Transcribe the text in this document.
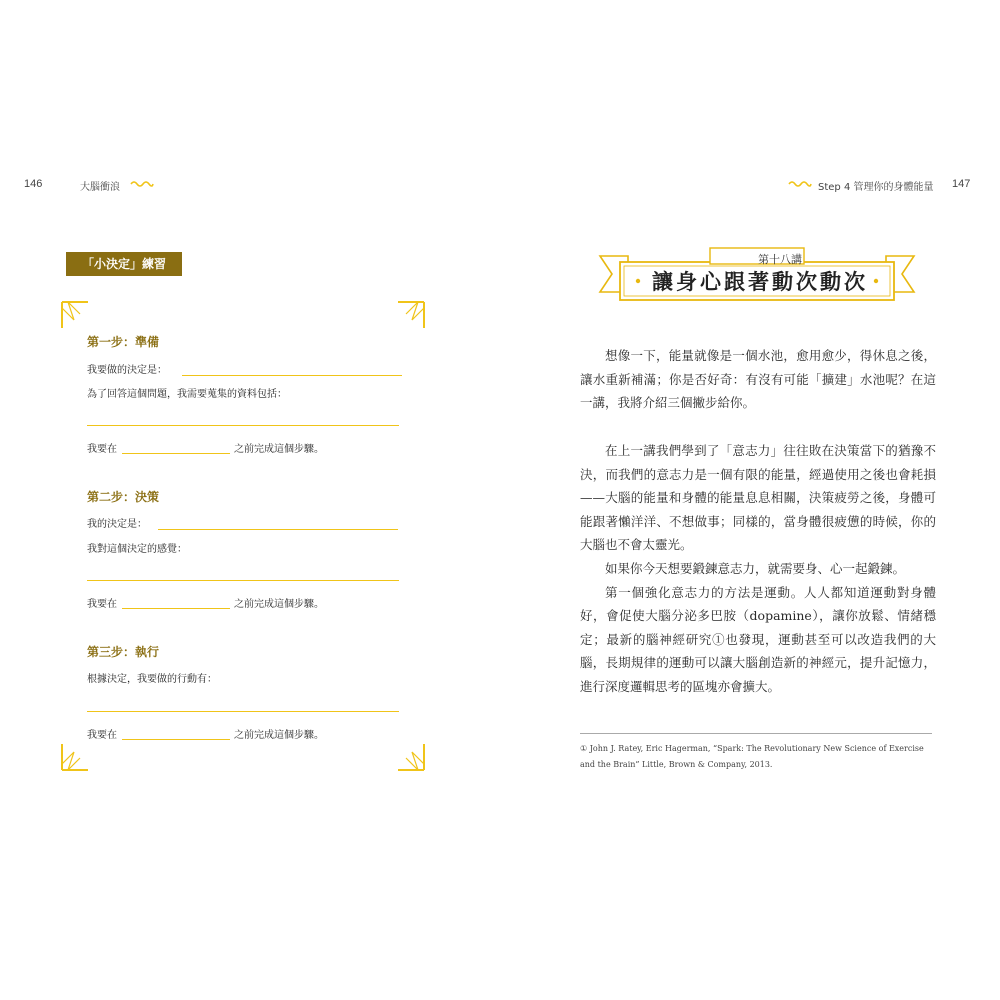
146	大腦衝浪	Step 4 管理你的身體能量 147
「小決定」練習
第一步：準備
我要做的決定是：
為了回答這個問題，我需要蒐集的資料包括：
我要在	之前完成這個步驟。
第二步：決策
我的決定是：
我對這個決定的感覺：
我要在	之前完成這個步驟。
第三步：執行
根據決定，我要做的行動有：
我要在	之前完成這個步驟。
第十八講
讓身心跟著動次動次

想像一下，能量就像是一個水池，愈用愈少，得休息之後，讓水重新補滿；你是否好奇：有沒有可能「擴建」水池呢？在這一講，我將介紹三個撇步給你。

在上一講我們學到了「意志力」往往敗在決策當下的猶豫不決，而我們的意志力是一個有限的能量，經過使用之後也會耗損——大腦的能量和身體的能量息息相關，決策疲勞之後，身體可能跟著懶洋洋、不想做事；同樣的，當身體很疲憊的時候，你的大腦也不會太靈光。

如果你今天想要鍛鍊意志力，就需要身、心一起鍛鍊。

第一個強化意志力的方法是運動。人人都知道運動對身體好，會促使大腦分泌多巴胺（dopamine），讓你放鬆、情緒穩定；最新的腦神經研究①也發現，運動甚至可以改造我們的大腦，長期規律的運動可以讓大腦創造新的神經元，提升記憶力，進行深度邏輯思考的區塊亦會擴大。

① John J. Ratey, Eric Hagerman, “Spark: The Revolutionary New Science of Exercise and the Brain” Little, Brown & Company, 2013.
